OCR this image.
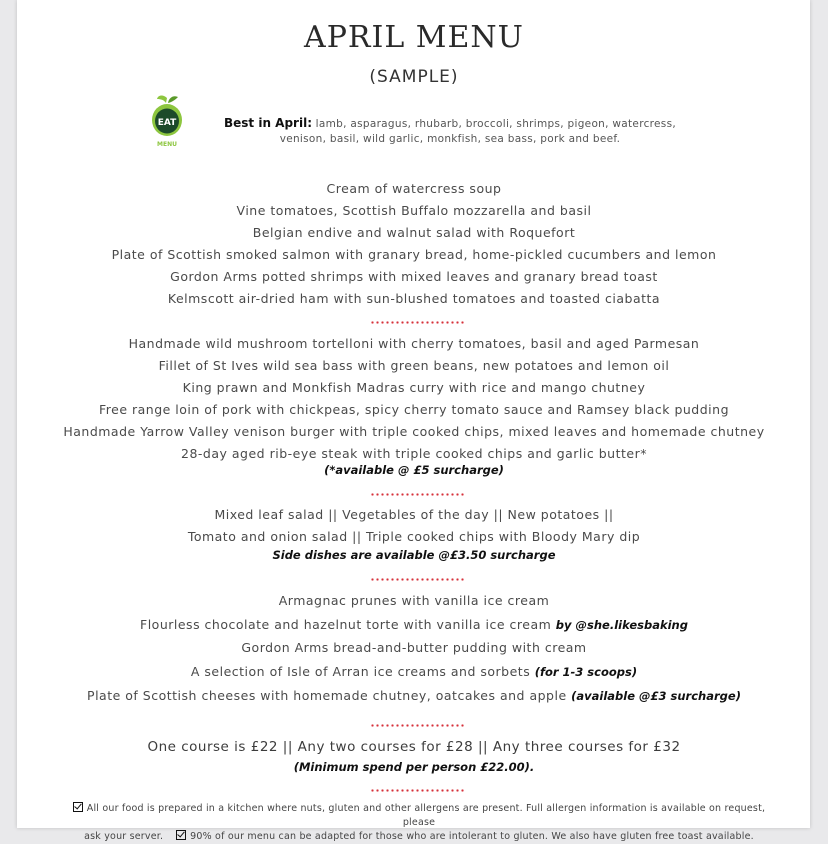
APRIL MENU
(SAMPLE)
EAT
MENU
Best in April: lamb, asparagus, rhubarb, broccoli, shrimps, pigeon, watercress,
venison, basil, wild garlic, monkfish, sea bass, pork and beef.
Cream of watercress soup
Vine tomatoes, Scottish Buffalo mozzarella and basil
Belgian endive and walnut salad with Roquefort
Plate of Scottish smoked salmon with granary bread, home-pickled cucumbers and lemon
Gordon Arms potted shrimps with mixed leaves and granary bread toast
Kelmscott air-dried ham with sun-blushed tomatoes and toasted ciabatta
Handmade wild mushroom tortelloni with cherry tomatoes, basil and aged Parmesan
Fillet of St Ives wild sea bass with green beans, new potatoes and lemon oil
King prawn and Monkfish Madras curry with rice and mango chutney
Free range loin of pork with chickpeas, spicy cherry tomato sauce and Ramsey black pudding
Handmade Yarrow Valley venison burger with triple cooked chips, mixed leaves and homemade chutney
28-day aged rib-eye steak with triple cooked chips and garlic butter*
(*available @ £5 surcharge)
Mixed leaf salad || Vegetables of the day || New potatoes ||
Tomato and onion salad || Triple cooked chips with Bloody Mary dip
Side dishes are available @£3.50 surcharge
Armagnac prunes with vanilla ice cream
Flourless chocolate and hazelnut torte with vanilla ice cream by @she.likesbaking
Gordon Arms bread-and-butter pudding with cream
A selection of Isle of Arran ice creams and sorbets (for 1-3 scoops)
Plate of Scottish cheeses with homemade chutney, oatcakes and apple (available @£3 surcharge)
One course is £22 || Any two courses for £28 || Any three courses for £32
(Minimum spend per person £22.00).
All our food is prepared in a kitchen where nuts, gluten and other allergens are present. Full allergen information is available on request, please
ask your server.	90% of our menu can be adapted for those who are intolerant to gluten. We also have gluten free toast available.
